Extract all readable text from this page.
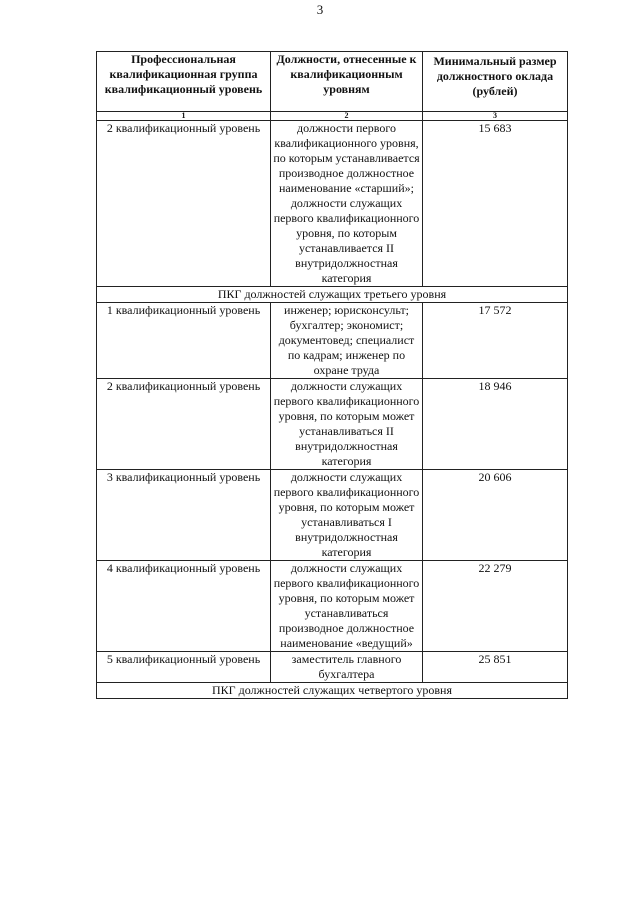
3
Профессиональная квалификационная группа квалификационный уровень	Должности, отнесенные к квалификационным уровням	Минимальный размер должностного оклада (рублей)
1	2	3
2 квалификационный уровень	должности первого квалификационного уровня, по которым устанавливается производное должностное наименование «старший»; должности служащих первого квалификационного уровня, по которым устанавливается II внутридолжностная категория	15 683
ПКГ должностей служащих третьего уровня		
1 квалификационный уровень	инженер; юрисконсульт; бухгалтер; экономист; документовед; специалист по кадрам; инженер по охране труда	17 572
2 квалификационный уровень	должности служащих первого квалификационного уровня, по которым может устанавливаться II внутридолжностная категория	18 946
3 квалификационный уровень	должности служащих первого квалификационного уровня, по которым может устанавливаться I внутридолжностная категория	20 606
4 квалификационный уровень	должности служащих первого квалификационного уровня, по которым может устанавливаться производное должностное наименование «ведущий»	22 279
5 квалификационный уровень	заместитель главного бухгалтера	25 851
ПКГ должностей служащих четвертого уровня		
